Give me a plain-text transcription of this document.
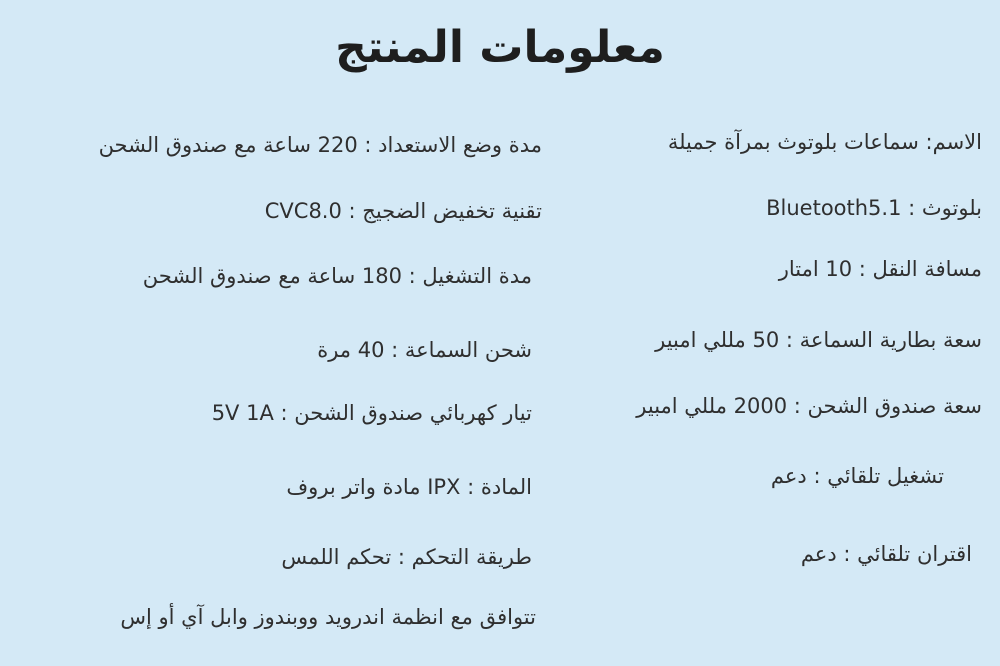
معلومات المنتج
الاسم: سماعات بلوتوث بمرآة جميلة
بلوتوث : Bluetooth5.1
مسافة النقل : 10 امتار
سعة بطارية السماعة : 50 مللي امبير
سعة صندوق الشحن : 2000 مللي امبير
تشغيل تلقائي : دعم
اقتران تلقائي : دعم
مدة وضع الاستعداد : 220 ساعة مع صندوق الشحن
تقنية تخفيض الضجيج : CVC8.0
مدة التشغيل : 180 ساعة مع صندوق الشحن
شحن السماعة : 40 مرة
تيار كهربائي صندوق الشحن : 5V 1A
المادة : IPX مادة واتر بروف
طريقة التحكم : تحكم اللمس
تتوافق مع انظمة اندرويد ووبندوز وابل آي أو إس
